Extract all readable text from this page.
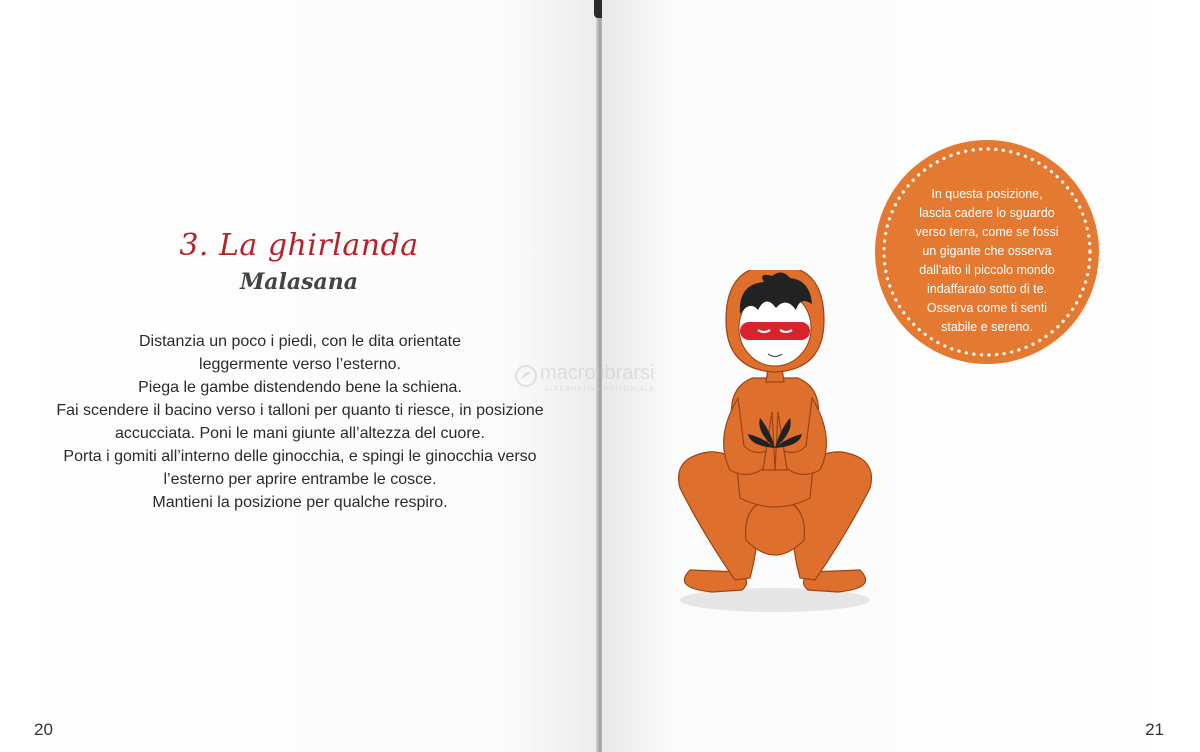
3. La ghirlanda
Malasana
Distanzia un poco i piedi, con le dita orientate
leggermente verso l’esterno.
Piega le gambe distendendo bene la schiena.
Fai scendere il bacino verso i talloni per quanto ti riesce, in posizione
accucciata. Poni le mani giunte all’altezza del cuore.
Porta i gomiti all’interno delle ginocchia, e spingi le ginocchia verso
l’esterno per aprire entrambe le cosce.
Mantieni la posizione per qualche respiro.
20	21
macrolibrarsi
ALTERNATIVA EDITORIALE
In questa posizione,
lascia cadere lo sguardo
verso terra, come se fossi
un gigante che osserva
dall’alto il piccolo mondo
indaffarato sotto di te.
Osserva come ti senti
stabile e sereno.
